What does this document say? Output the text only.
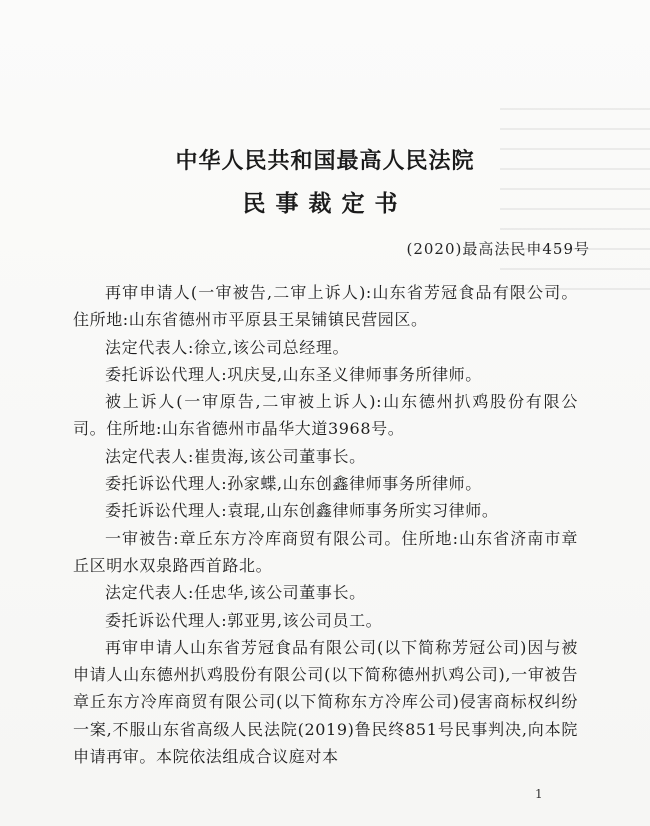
中华人民共和国最高人民法院
民事裁定书
(2020)最高法民申459号

再审申请人(一审被告,二审上诉人):山东省芳冠食品有限公司。住所地:山东省德州市平原县王杲铺镇民营园区。

法定代表人:徐立,该公司总经理。

委托诉讼代理人:巩庆旻,山东圣义律师事务所律师。

被上诉人(一审原告,二审被上诉人):山东德州扒鸡股份有限公司。住所地:山东省德州市晶华大道3968号。

法定代表人:崔贵海,该公司董事长。

委托诉讼代理人:孙家蝶,山东创鑫律师事务所律师。

委托诉讼代理人:袁琨,山东创鑫律师事务所实习律师。

一审被告:章丘东方冷库商贸有限公司。住所地:山东省济南市章丘区明水双泉路西首路北。

法定代表人:任忠华,该公司董事长。

委托诉讼代理人:郭亚男,该公司员工。

再审申请人山东省芳冠食品有限公司(以下简称芳冠公司)因与被申请人山东德州扒鸡股份有限公司(以下简称德州扒鸡公司),一审被告章丘东方冷库商贸有限公司(以下简称东方冷库公司)侵害商标权纠纷一案,不服山东省高级人民法院(2019)鲁民终851号民事判决,向本院申请再审。本院依法组成合议庭对本

1
